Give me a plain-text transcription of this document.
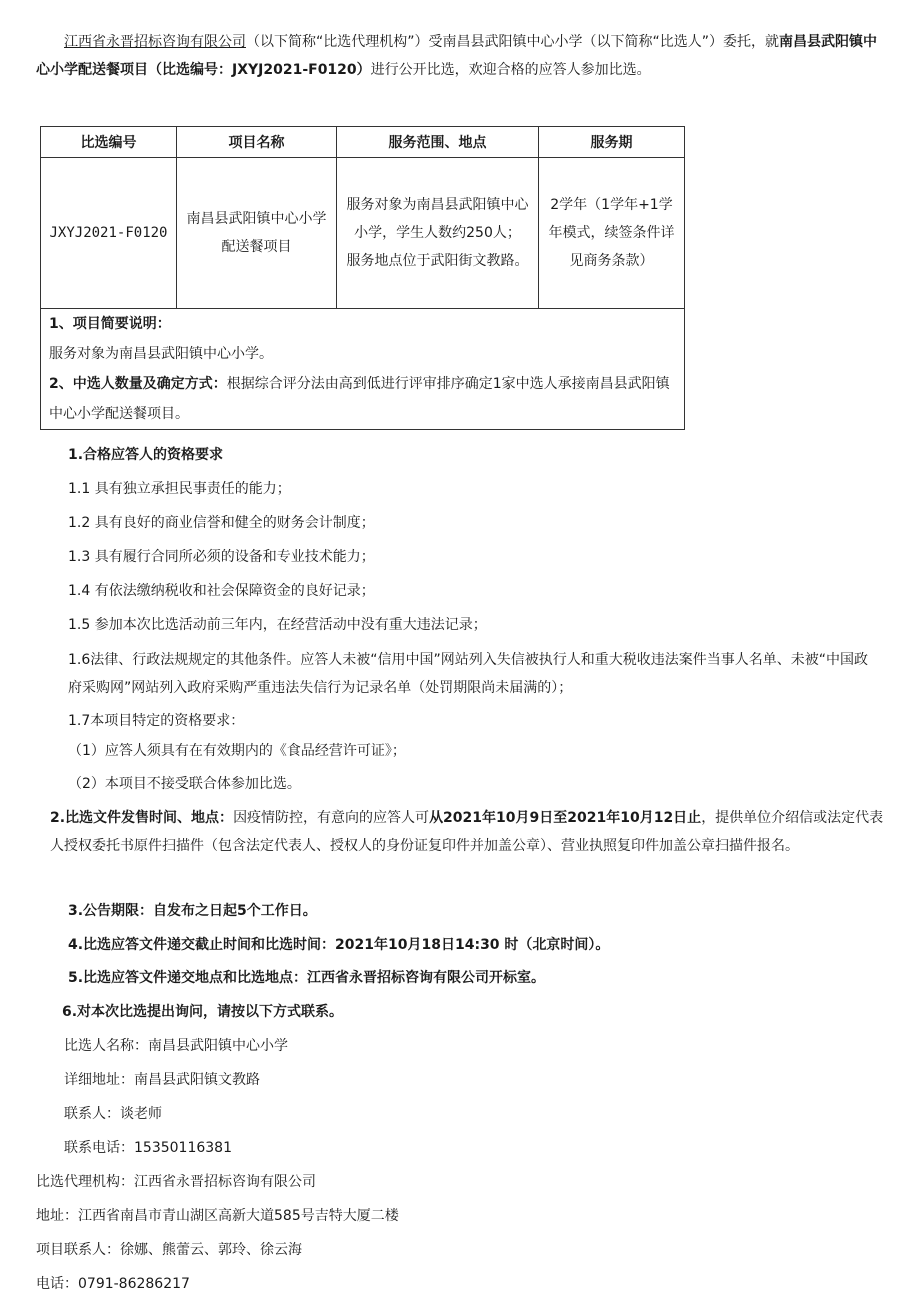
江西省永晋招标咨询有限公司（以下简称“比选代理机构”）受南昌县武阳镇中心小学（以下简称“比选人”）委托，就南昌县武阳镇中心小学配送餐项目（比选编号：JXYJ2021-F0120）进行公开比选，欢迎合格的应答人参加比选。
比选编号	项目名称	服务范围、地点	服务期
JXYJ2021-F0120	南昌县武阳镇中心小学配送餐项目	服务对象为南昌县武阳镇中心小学，学生人数约250人；
服务地点位于武阳街文教路。	2学年（1学年+1学年模式，续签条件详见商务条款）

1、项目简要说明：
服务对象为南昌县武阳镇中心小学。
2、中选人数量及确定方式：根据综合评分法由高到低进行评审排序确定1家中选人承接南昌县武阳镇中心小学配送餐项目。			
1.合格应答人的资格要求
1.1 具有独立承担民事责任的能力；
1.2 具有良好的商业信誉和健全的财务会计制度；
1.3 具有履行合同所必须的设备和专业技术能力；
1.4 有依法缴纳税收和社会保障资金的良好记录；
1.5 参加本次比选活动前三年内，在经营活动中没有重大违法记录；
1.6法律、行政法规规定的其他条件。应答人未被“信用中国”网站列入失信被执行人和重大税收违法案件当事人名单、未被“中国政府采购网”网站列入政府采购严重违法失信行为记录名单（处罚期限尚未届满的）；
1.7本项目特定的资格要求：
（1）应答人须具有在有效期内的《食品经营许可证》；
（2）本项目不接受联合体参加比选。
2.比选文件发售时间、地点：因疫情防控，有意向的应答人可从2021年10月9日至2021年10月12日止，提供单位介绍信或法定代表人授权委托书原件扫描件（包含法定代表人、授权人的身份证复印件并加盖公章）、营业执照复印件加盖公章扫描件报名。
3.公告期限：自发布之日起5个工作日。
4.比选应答文件递交截止时间和比选时间：2021年10月18日14:30 时（北京时间）。
5.比选应答文件递交地点和比选地点：江西省永晋招标咨询有限公司开标室。
6.对本次比选提出询问，请按以下方式联系。
比选人名称：南昌县武阳镇中心小学
详细地址：南昌县武阳镇文教路
联系人：谈老师
联系电话：15350116381
比选代理机构：江西省永晋招标咨询有限公司
地址：江西省南昌市青山湖区高新大道585号吉特大厦二楼
项目联系人：徐娜、熊蕾云、郭玲、徐云海
电话：0791-86286217
